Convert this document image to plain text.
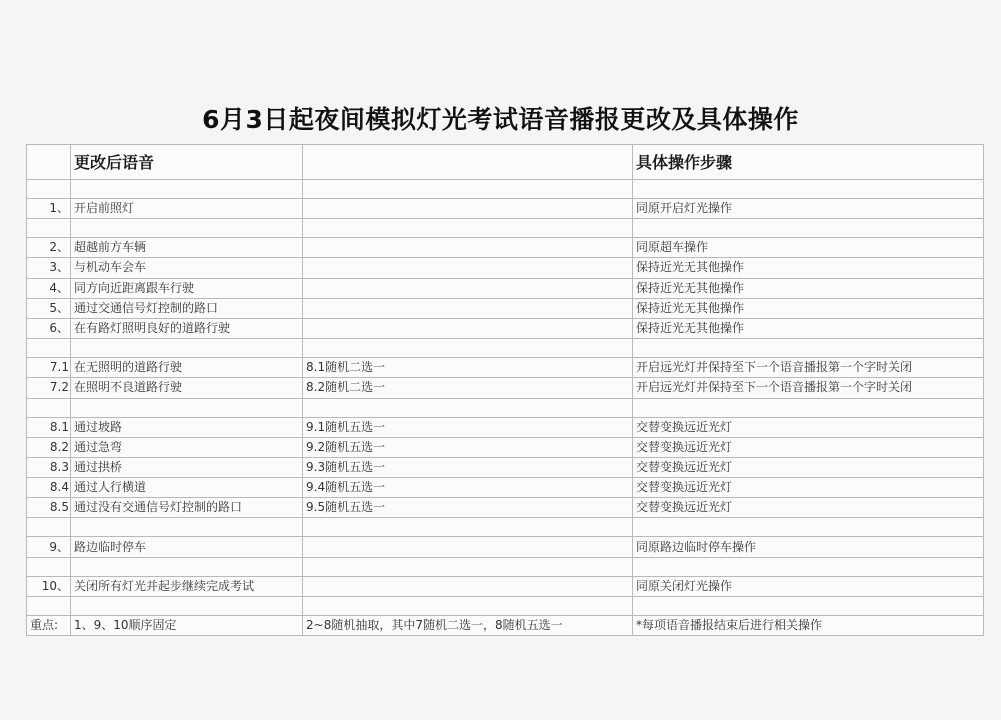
6月3日起夜间模拟灯光考试语音播报更改及具体操作
	更改后语音		具体操作步骤

1、	开启前照灯		同原开启灯光操作

2、	超越前方车辆		同原超车操作
3、	与机动车会车		保持近光无其他操作
4、	同方向近距离跟车行驶		保持近光无其他操作
5、	通过交通信号灯控制的路口		保持近光无其他操作
6、	在有路灯照明良好的道路行驶		保持近光无其他操作

7.1	在无照明的道路行驶	8.1随机二选一	开启远光灯并保持至下一个语音播报第一个字时关闭
7.2	在照明不良道路行驶	8.2随机二选一	开启远光灯并保持至下一个语音播报第一个字时关闭

8.1	通过坡路	9.1随机五选一	交替变换远近光灯
8.2	通过急弯	9.2随机五选一	交替变换远近光灯
8.3	通过拱桥	9.3随机五选一	交替变换远近光灯
8.4	通过人行横道	9.4随机五选一	交替变换远近光灯
8.5	通过没有交通信号灯控制的路口	9.5随机五选一	交替变换远近光灯

9、	路边临时停车		同原路边临时停车操作

10、	关闭所有灯光并起步继续完成考试		同原关闭灯光操作

重点:	1、9、10顺序固定	2~8随机抽取，其中7随机二选一，8随机五选一	*每项语音播报结束后进行相关操作
